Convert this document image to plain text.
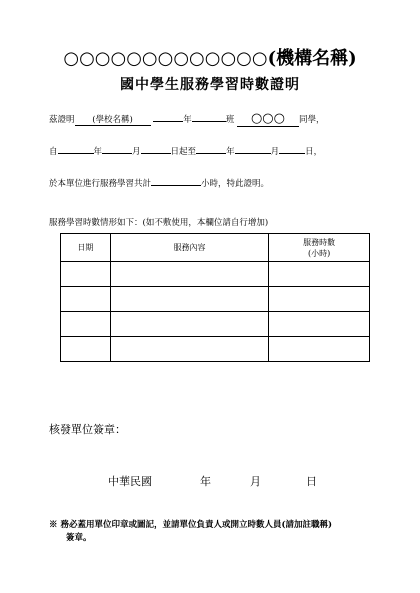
○○○○○○○○○○○○○(機構名稱)
國中學生服務學習時數證明
茲證明 (學校名稱)	年	班 ○○○ 同學，
自	年	月	日起至	年	月	日，
於本單位進行服務學習共計	小時，特此證明。
服務學習時數情形如下：(如不敷使用，本欄位請自行增加)
日期	服務內容	服務時數
(小時)

核發單位簽章：
中華民國	年	月	日
※ 務必蓋用單位印章或圖記，並請單位負責人或開立時數人員(請加註職稱)
簽章。
